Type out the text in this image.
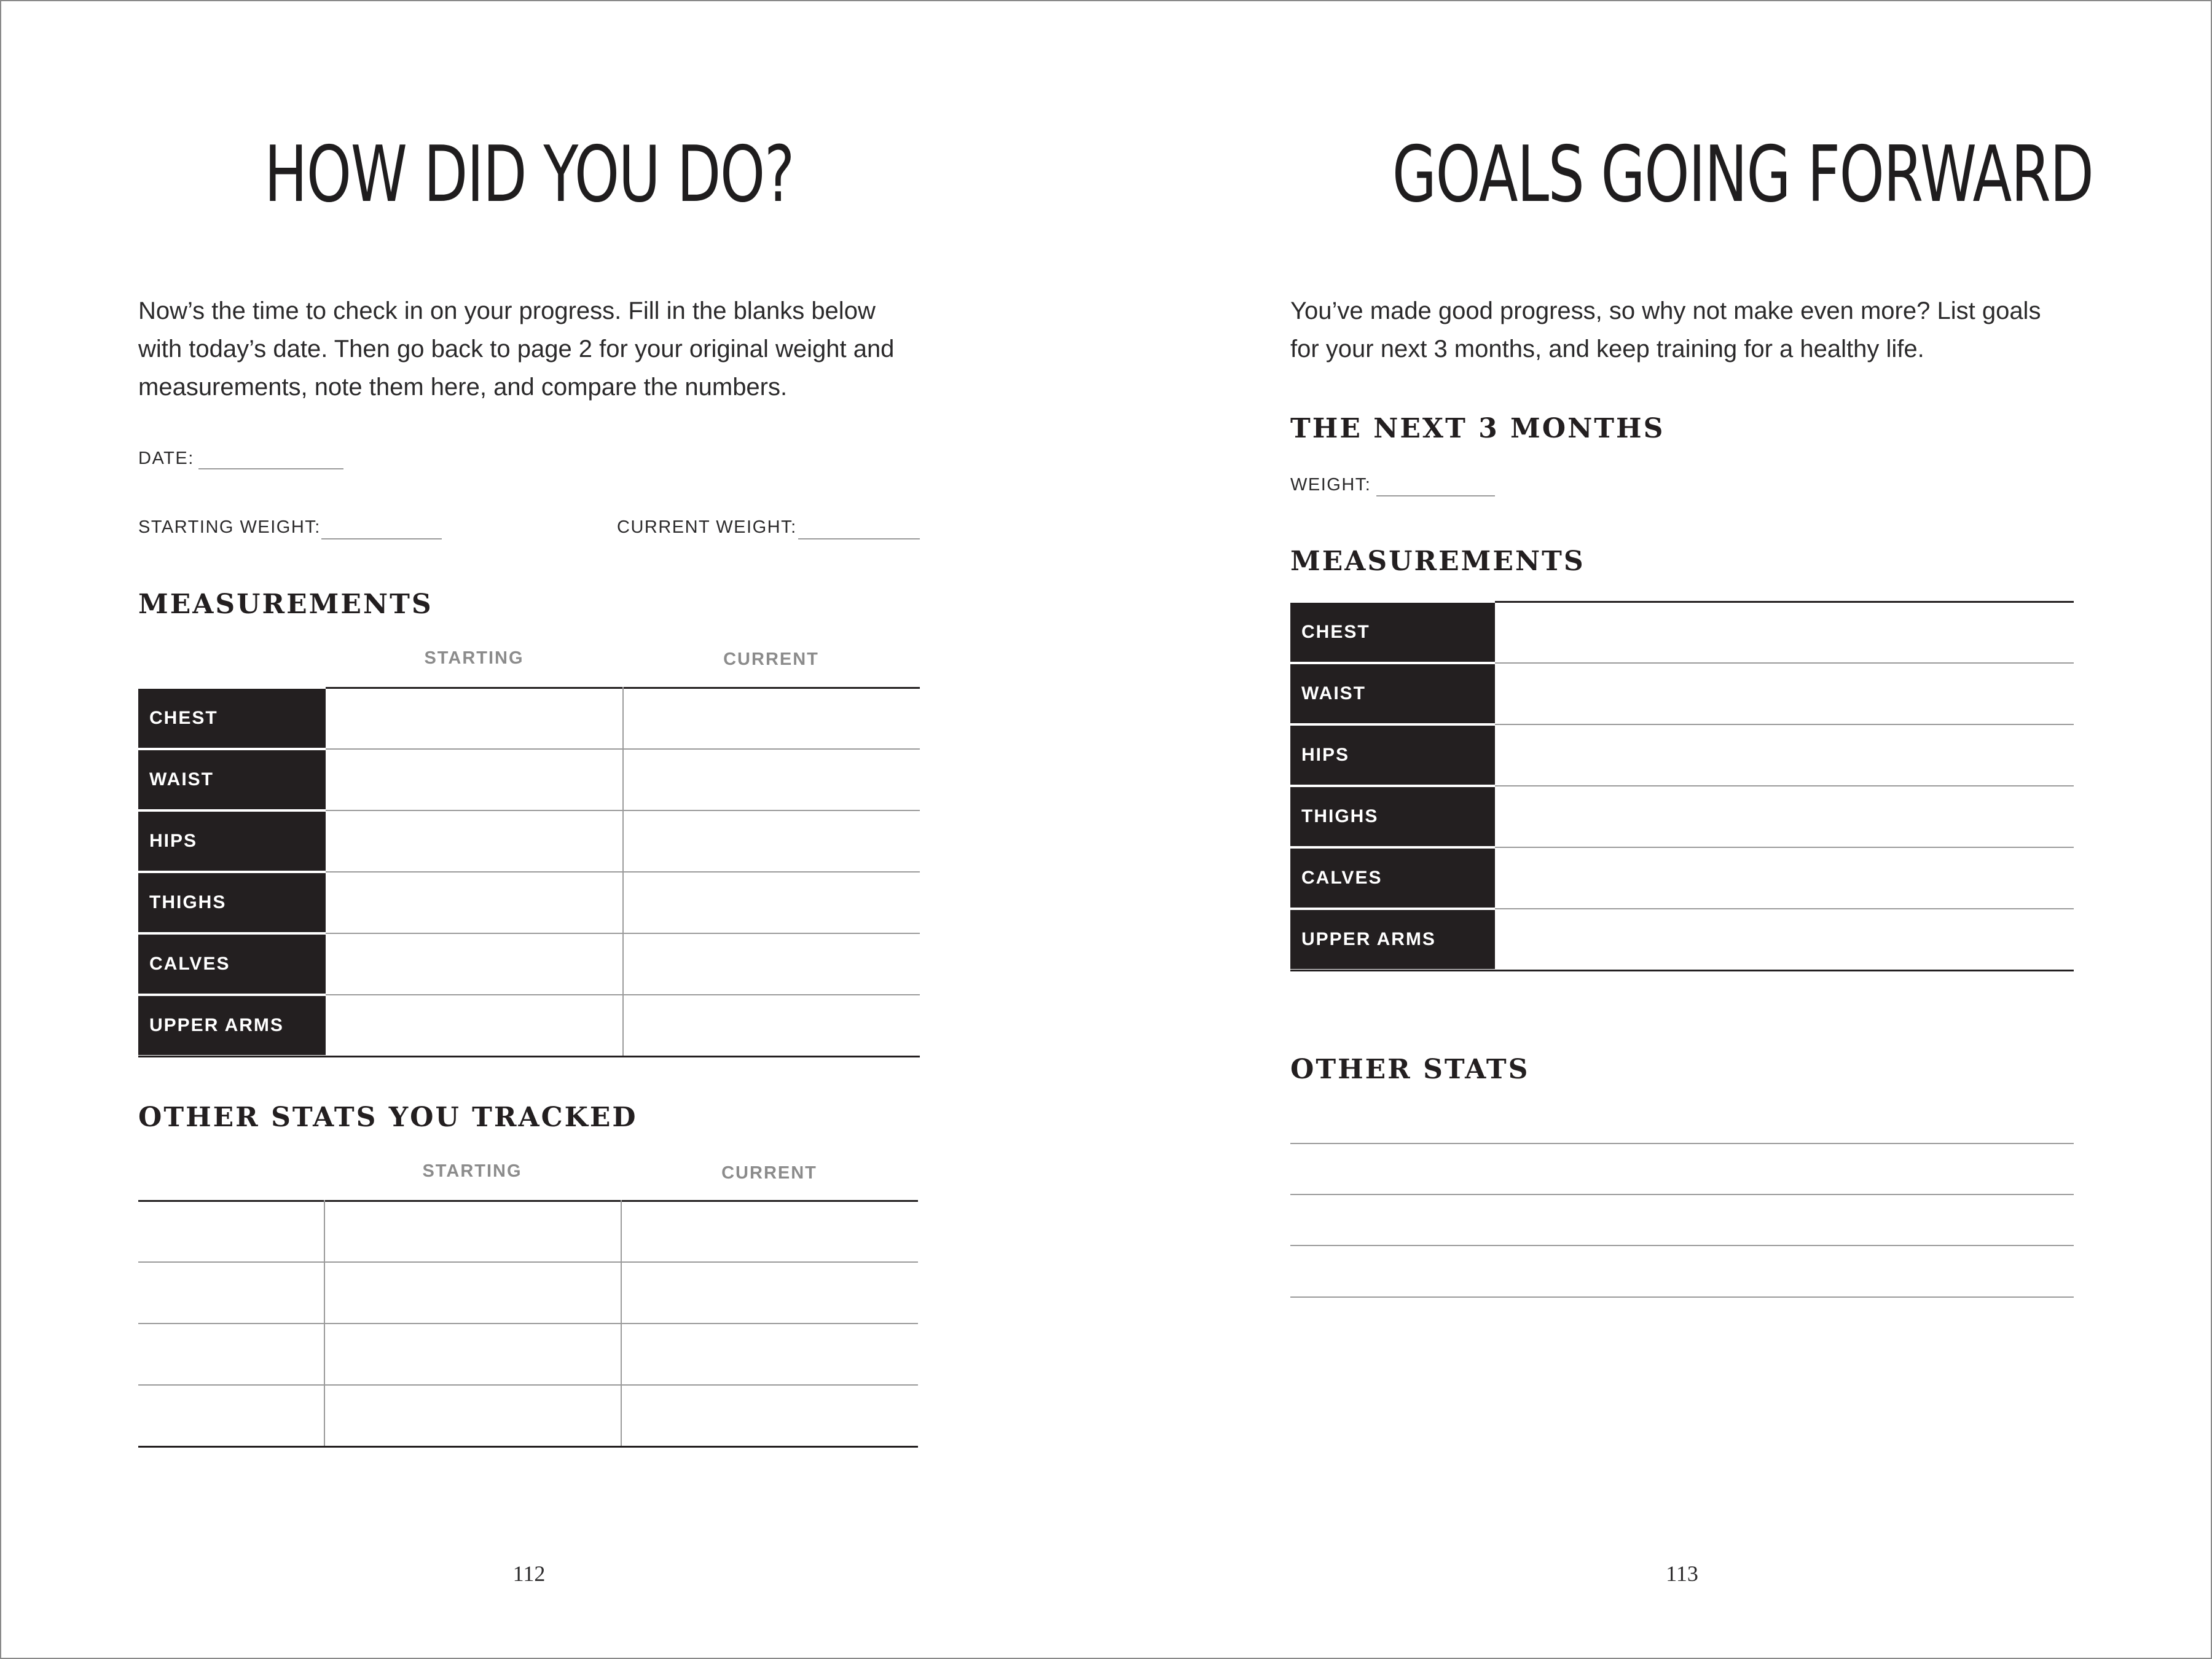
HOW DID YOU DO?

Now’s the time to check in on your progress. Fill in the blanks below with today’s date. Then go back to page 2 for your original weight and measurements, note them here, and compare the numbers.

DATE:
STARTING WEIGHT:	CURRENT WEIGHT:
MEASUREMENTS
STARTING	CURRENT
CHEST
WAIST
HIPS
THIGHS
CALVES
UPPER ARMS
OTHER STATS YOU TRACKED
STARTING	CURRENT
112
GOALS GOING FORWARD

You’ve made good progress, so why not make even more? List goals for your next 3 months, and keep training for a healthy life.

THE NEXT 3 MONTHS
WEIGHT:
MEASUREMENTS
CHEST
WAIST
HIPS
THIGHS
CALVES
UPPER ARMS
OTHER STATS
113
